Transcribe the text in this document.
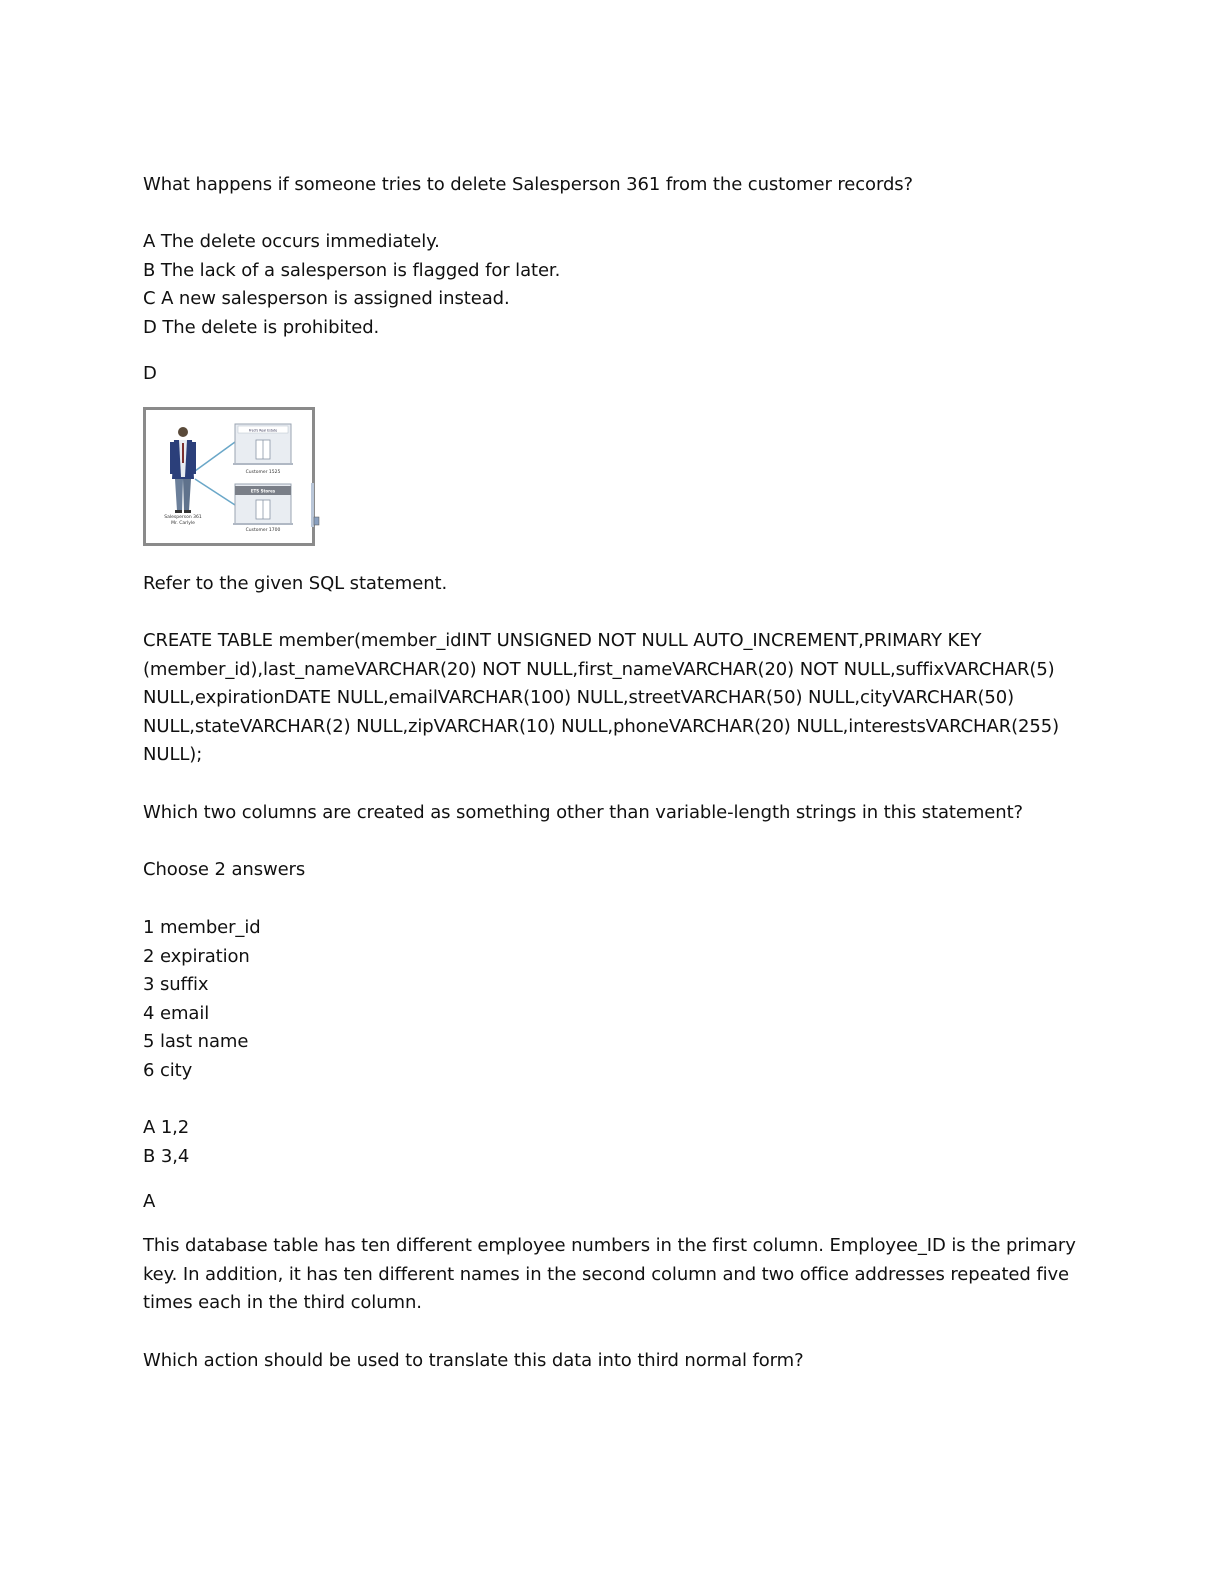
What happens if someone tries to delete Salesperson 361 from the customer records?
A The delete occurs immediately.
B The lack of a salesperson is flagged for later.
C A new salesperson is assigned instead.
D The delete is prohibited.
D
Salesperson 361
Mr. Carlyle
Fred's Real Estate
Customer 1525
ETS Stores
Customer 1700
Refer to the given SQL statement.
CREATE TABLE member(member_idINT UNSIGNED NOT NULL AUTO_INCREMENT,PRIMARY KEY
(member_id),last_nameVARCHAR(20) NOT NULL,first_nameVARCHAR(20) NOT NULL,suffixVARCHAR(5)
NULL,expirationDATE NULL,emailVARCHAR(100) NULL,streetVARCHAR(50) NULL,cityVARCHAR(50)
NULL,stateVARCHAR(2) NULL,zipVARCHAR(10) NULL,phoneVARCHAR(20) NULL,interestsVARCHAR(255)
NULL);
Which two columns are created as something other than variable-length strings in this statement?
Choose 2 answers
1 member_id
2 expiration
3 suffix
4 email
5 last name
6 city
A 1,2
B 3,4
A
This database table has ten different employee numbers in the first column. Employee_ID is the primary
key. In addition, it has ten different names in the second column and two office addresses repeated five
times each in the third column.
Which action should be used to translate this data into third normal form?
